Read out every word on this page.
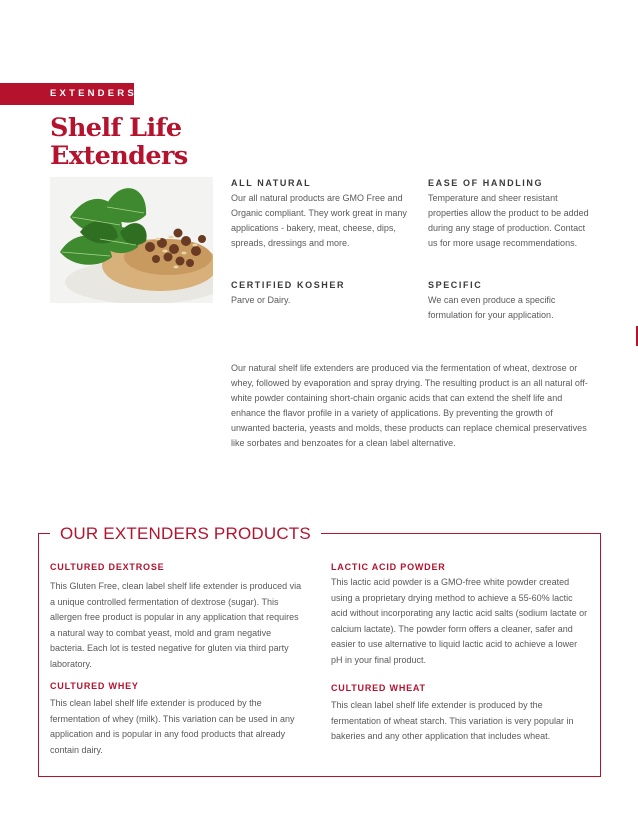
EXTENDERS
Shelf Life
Extenders
ALL NATURAL

Our all natural products are GMO Free and Organic compliant. They work great in many applications - bakery, meat, cheese, dips, spreads, dressings and more.

EASE OF HANDLING

Temperature and sheer resistant properties allow the product to be added during any stage of production. Contact us for more usage recommendations.

CERTIFIED KOSHER

Parve or Dairy.

SPECIFIC

We can even produce a specific formulation for your application.

Our natural shelf life extenders are produced via the fermentation of wheat, dextrose or whey, followed by evaporation and spray drying. The resulting product is an all natural off-white powder containing short-chain organic acids that can extend the shelf life and enhance the flavor profile in a variety of applications. By preventing the growth of unwanted bacteria, yeasts and molds, these products can replace chemical preservatives like sorbates and benzoates for a clean label alternative.

OUR EXTENDERS PRODUCTS
CULTURED DEXTROSE

This Gluten Free, clean label shelf life extender is produced via a unique controlled fermentation of dextrose (sugar). This allergen free product is popular in any application that requires a natural way to combat yeast, mold and gram negative bacteria. Each lot is tested negative for gluten via third party laboratory.

LACTIC ACID POWDER

This lactic acid powder is a GMO-free white powder created using a proprietary drying method to achieve a 55-60% lactic acid without incorporating any lactic acid salts (sodium lactate or calcium lactate). The powder form offers a cleaner, safer and easier to use alternative to liquid lactic acid to achieve a lower pH in your final product.

CULTURED WHEY

This clean label shelf life extender is produced by the fermentation of whey (milk). This variation can be used in any application and is popular in any food products that already contain dairy.

CULTURED WHEAT

This clean label shelf life extender is produced by the fermentation of wheat starch. This variation is very popular in bakeries and any other application that includes wheat.
